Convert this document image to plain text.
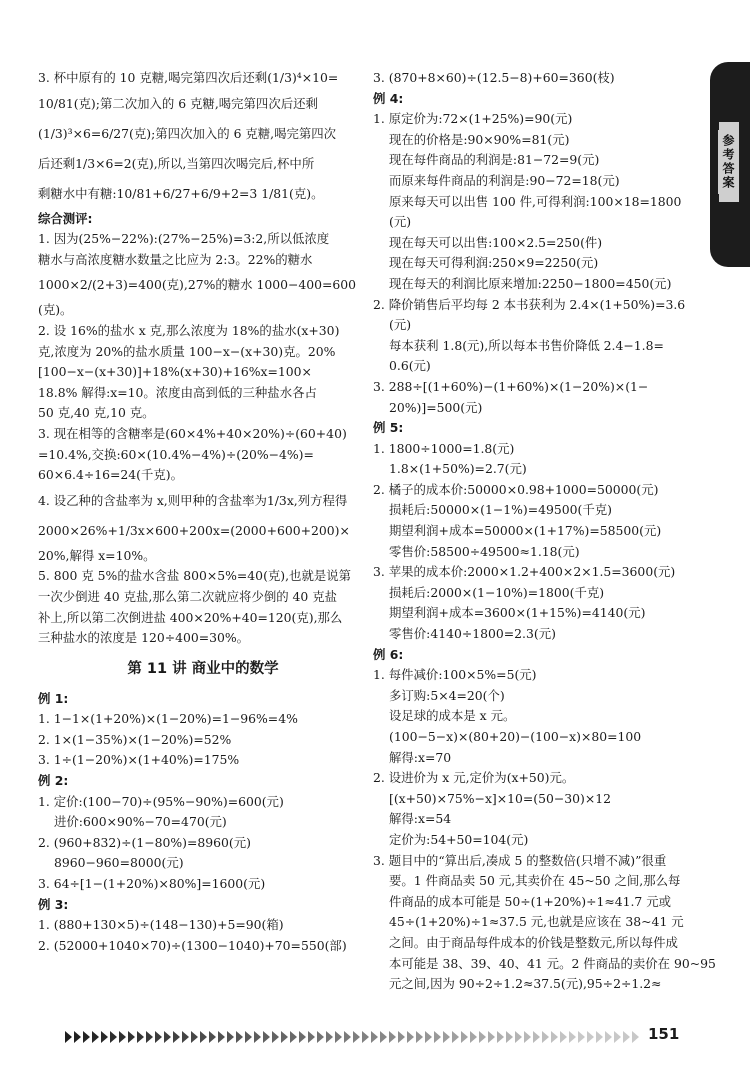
参考答案
3. 杯中原有的 10 克糖,喝完第四次后还剩(1/3)⁴×10=
10/81(克);第二次加入的 6 克糖,喝完第四次后还剩
(1/3)³×6=6/27(克);第四次加入的 6 克糖,喝完第四次
后还剩1/3×6=2(克),所以,当第四次喝完后,杯中所
剩糖水中有糖:10/81+6/27+6/9+2=3 1/81(克)。
综合测评:
1. 因为(25%−22%):(27%−25%)=3:2,所以低浓度
糖水与高浓度糖水数量之比应为 2:3。22%的糖水
1000×2/(2+3)=400(克),27%的糖水 1000−400=600
(克)。
2. 设 16%的盐水 x 克,那么浓度为 18%的盐水(x+30)
克,浓度为 20%的盐水质量 100−x−(x+30)克。20%
[100−x−(x+30)]+18%(x+30)+16%x=100×
18.8% 解得:x=10。浓度由高到低的三种盐水各占
50 克,40 克,10 克。
3. 现在相等的含糖率是(60×4%+40×20%)÷(60+40)
=10.4%,交换:60×(10.4%−4%)÷(20%−4%)=
60×6.4÷16=24(千克)。
4. 设乙种的含盐率为 x,则甲种的含盐率为1/3x,列方程得
2000×26%+1/3x×600+200x=(2000+600+200)×
20%,解得 x=10%。
5. 800 克 5%的盐水含盐 800×5%=40(克),也就是说第
一次少倒进 40 克盐,那么第二次就应将少倒的 40 克盐
补上,所以第二次倒进盐 400×20%+40=120(克),那么
三种盐水的浓度是 120÷400=30%。
第 11 讲 商业中的数学
例 1:
1. 1−1×(1+20%)×(1−20%)=1−96%=4%
2. 1×(1−35%)×(1−20%)=52%
3. 1÷(1−20%)×(1+40%)=175%
例 2:
1. 定价:(100−70)÷(95%−90%)=600(元)
进价:600×90%−70=470(元)
2. (960+832)÷(1−80%)=8960(元)
8960−960=8000(元)
3. 64÷[1−(1+20%)×80%]=1600(元)
例 3:
1. (880+130×5)÷(148−130)+5=90(箱)
2. (52000+1040×70)÷(1300−1040)+70=550(部)
3. (870+8×60)÷(12.5−8)+60=360(枝)
例 4:
1. 原定价为:72×(1+25%)=90(元)
现在的价格是:90×90%=81(元)
现在每件商品的利润是:81−72=9(元)
而原来每件商品的利润是:90−72=18(元)
原来每天可以出售 100 件,可得利润:100×18=1800
(元)
现在每天可以出售:100×2.5=250(件)
现在每天可得利润:250×9=2250(元)
现在每天的利润比原来增加:2250−1800=450(元)
2. 降价销售后平均每 2 本书获利为 2.4×(1+50%)=3.6
(元)
每本获利 1.8(元),所以每本书售价降低 2.4−1.8=
0.6(元)
3. 288÷[(1+60%)−(1+60%)×(1−20%)×(1−
20%)]=500(元)
例 5:
1. 1800÷1000=1.8(元)
1.8×(1+50%)=2.7(元)
2. 橘子的成本价:50000×0.98+1000=50000(元)
损耗后:50000×(1−1%)=49500(千克)
期望利润+成本=50000×(1+17%)=58500(元)
零售价:58500÷49500≈1.18(元)
3. 苹果的成本价:2000×1.2+400×2×1.5=3600(元)
损耗后:2000×(1−10%)=1800(千克)
期望利润+成本=3600×(1+15%)=4140(元)
零售价:4140÷1800=2.3(元)
例 6:
1. 每件减价:100×5%=5(元)
多订购:5×4=20(个)
设足球的成本是 x 元。
(100−5−x)×(80+20)−(100−x)×80=100
解得:x=70
2. 设进价为 x 元,定价为(x+50)元。
[(x+50)×75%−x]×10=(50−30)×12
解得:x=54
定价为:54+50=104(元)
3. 题目中的“算出后,凑成 5 的整数倍(只增不减)”很重
要。1 件商品卖 50 元,其卖价在 45~50 之间,那么每
件商品的成本可能是 50÷(1+20%)÷1≈41.7 元或
45÷(1+20%)÷1≈37.5 元,也就是应该在 38~41 元
之间。由于商品每件成本的价钱是整数元,所以每件成
本可能是 38、39、40、41 元。2 件商品的卖价在 90~95
元之间,因为 90÷2÷1.2≈37.5(元),95÷2÷1.2≈
151
